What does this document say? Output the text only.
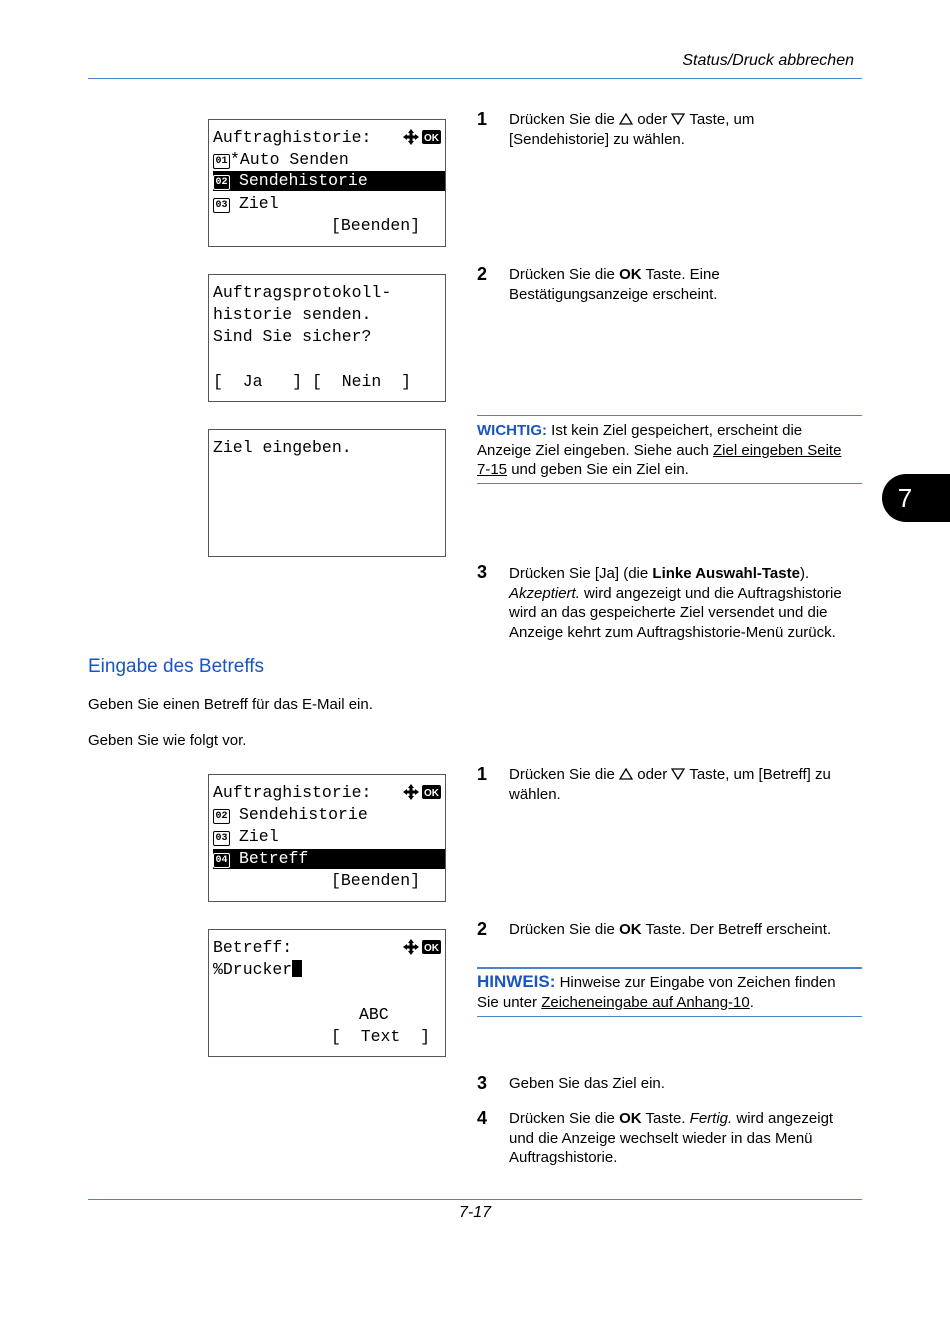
Status/Druck abbrechen
7
Auftraghistorie:	OK
01 *Auto Senden
02 Sendehistorie
03 Ziel
[Beenden]
Auftragsprotokoll-
historie senden.
Sind Sie sicher?
[  Ja   ] [  Nein  ]
Ziel eingeben.
1 Drücken Sie die oder Taste, um
[Sendehistorie] zu wählen.
2 Drücken Sie die OK Taste. Eine
Bestätigungsanzeige erscheint.
WICHTIG: Ist kein Ziel gespeichert, erscheint die
Anzeige Ziel eingeben. Siehe auch Ziel eingeben Seite
7-15 und geben Sie ein Ziel ein.
3 Drücken Sie [Ja] (die Linke Auswahl-Taste).
Akzeptiert. wird angezeigt und die Auftragshistorie
wird an das gespeicherte Ziel versendet und die
Anzeige kehrt zum Auftragshistorie-Menü zurück.
Eingabe des Betreffs
Geben Sie einen Betreff für das E-Mail ein.
Geben Sie wie folgt vor.
Auftraghistorie:	OK
02 Sendehistorie
03 Ziel
04 Betreff
[Beenden]
Betreff:	OK
%Drucker
ABC
[  Text  ]
1 Drücken Sie die oder Taste, um [Betreff] zu
wählen.
2 Drücken Sie die OK Taste. Der Betreff erscheint.
HINWEIS: Hinweise zur Eingabe von Zeichen finden
Sie unter Zeicheneingabe auf Anhang-10.
3 Geben Sie das Ziel ein.
4 Drücken Sie die OK Taste. Fertig. wird angezeigt
und die Anzeige wechselt wieder in das Menü
Auftragshistorie.
7-17
